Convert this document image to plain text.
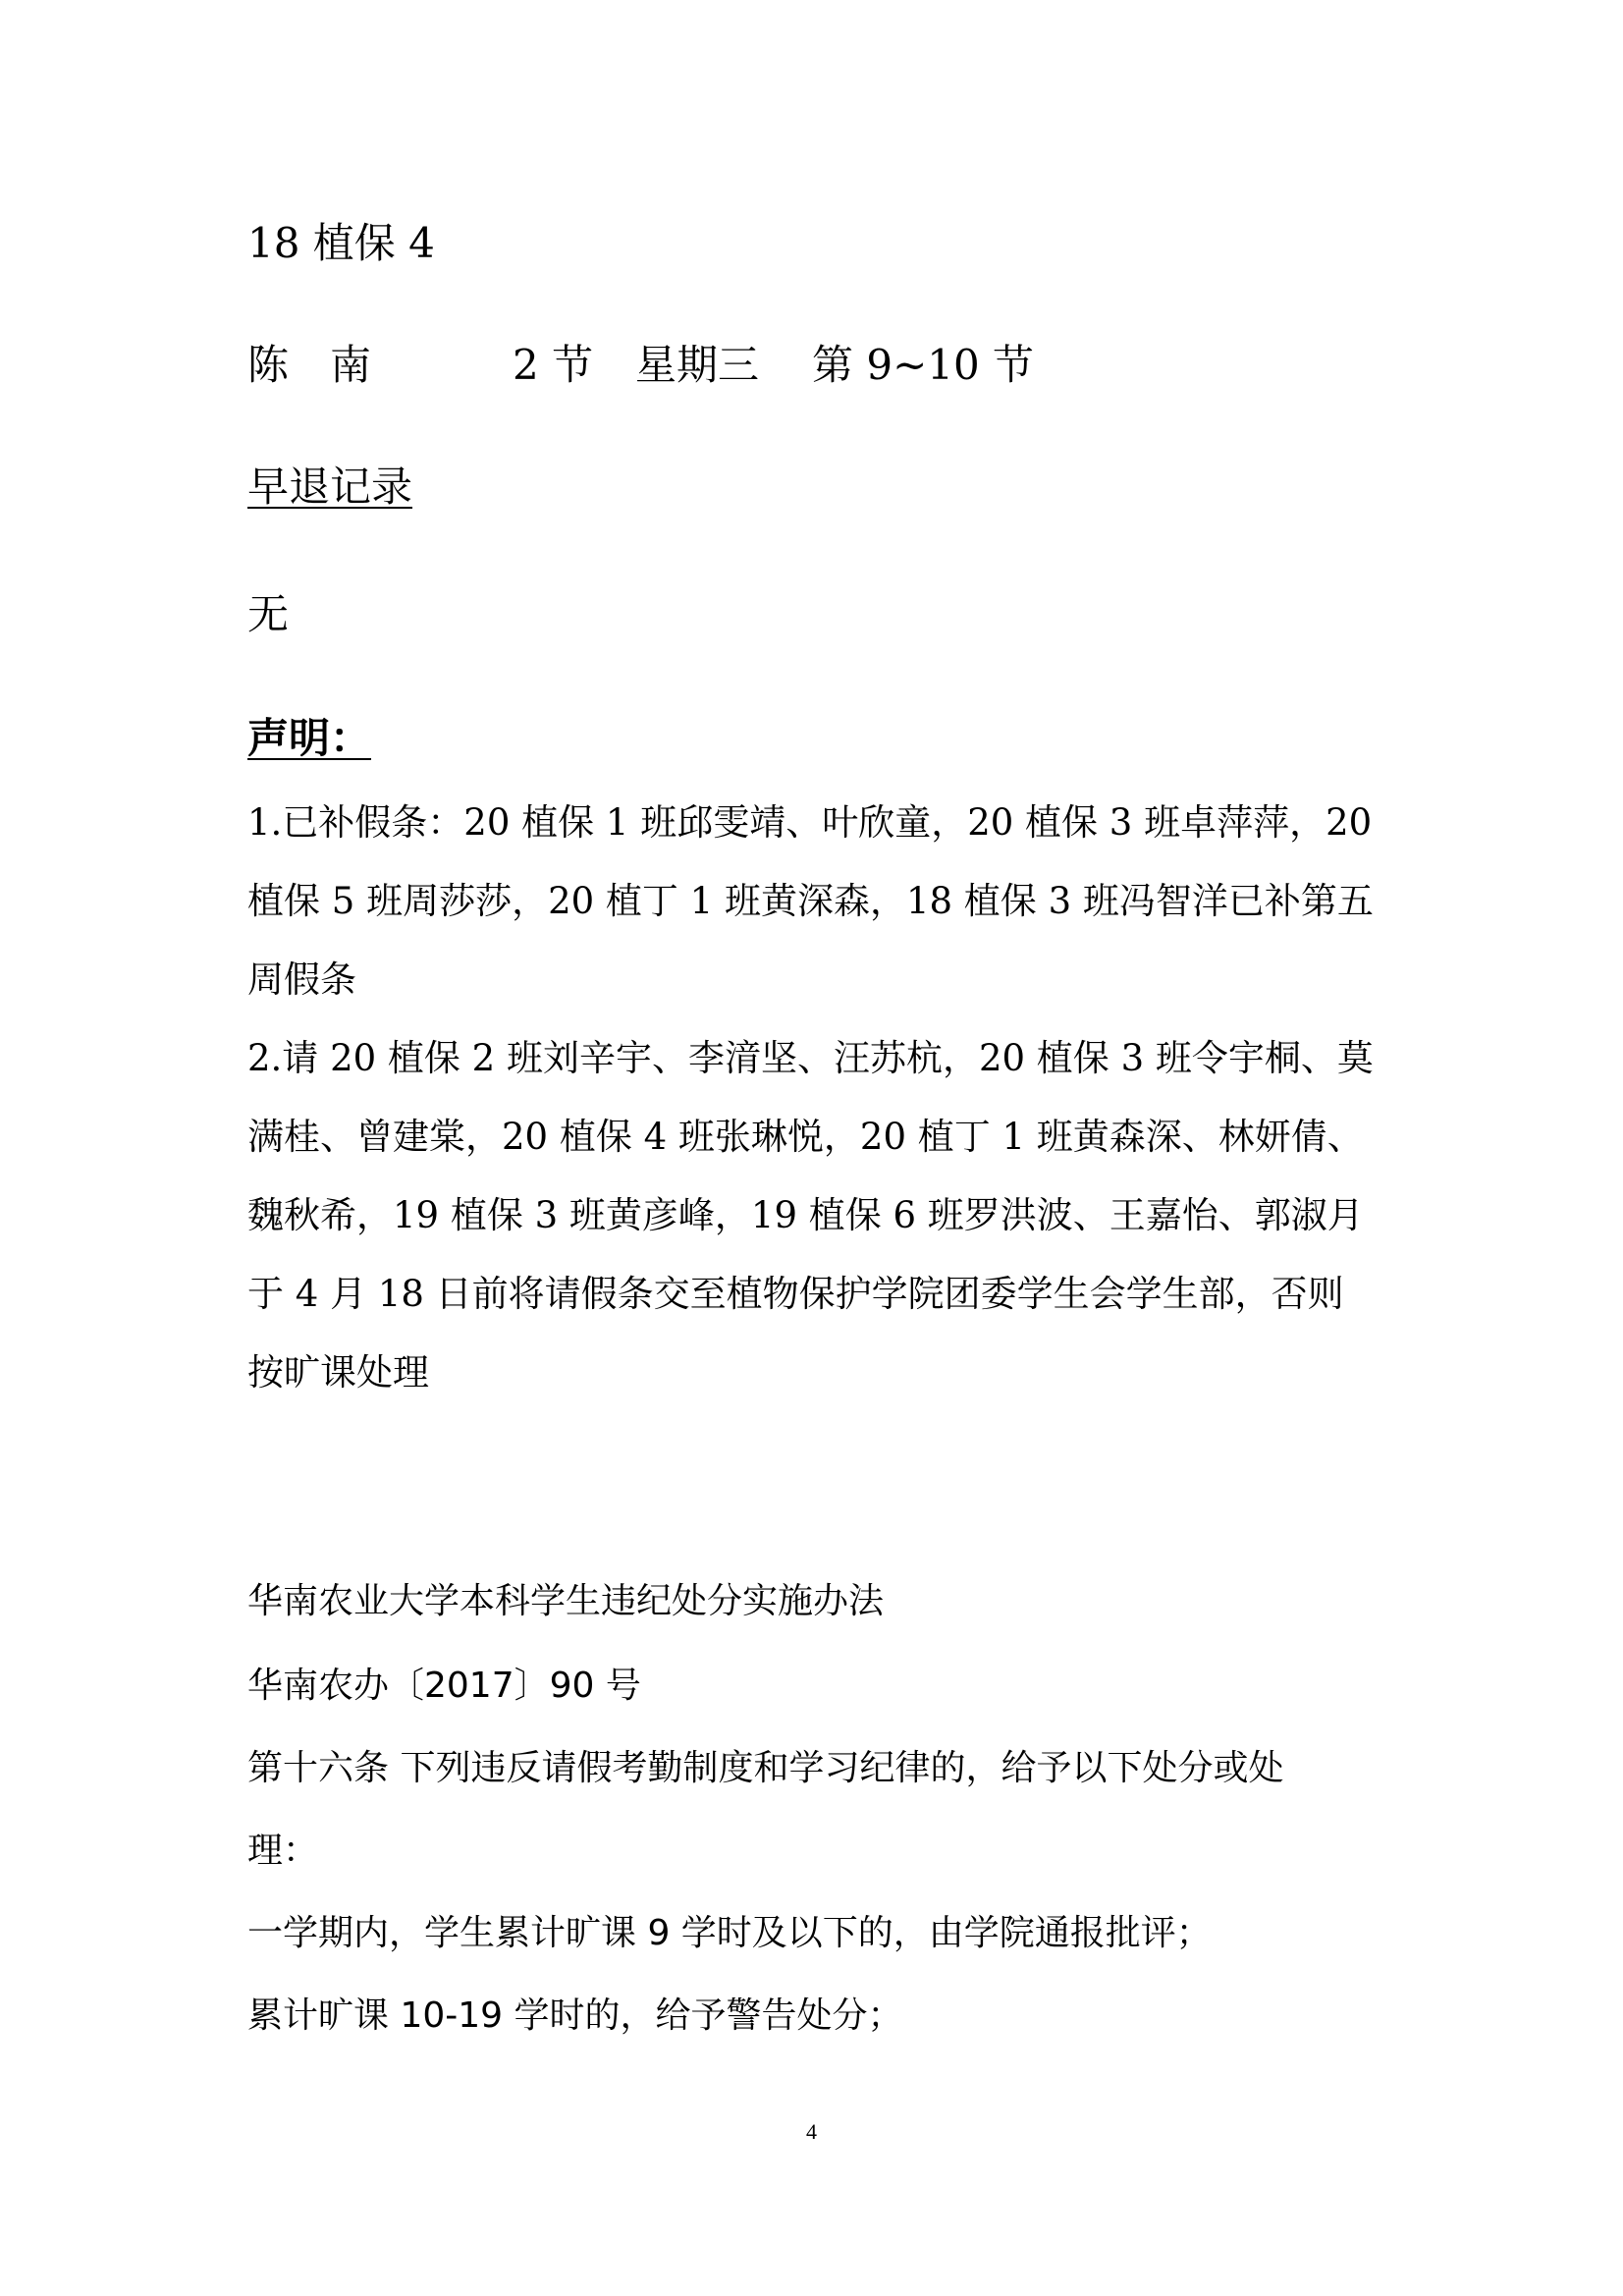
18 植保 4
陈　南	2 节 星期三 第 9~10 节
早退记录
无
声明：
1.已补假条：20 植保 1 班邱雯靖、叶欣童，20 植保 3 班卓萍萍，20
植保 5 班周莎莎，20 植丁 1 班黄深森，18 植保 3 班冯智洋已补第五
周假条
2.请 20 植保 2 班刘辛宇、李湇坚、汪苏杭，20 植保 3 班令宇桐、莫
满桂、曾建棠，20 植保 4 班张琳悦，20 植丁 1 班黄森深、林妍倩、
魏秋希，19 植保 3 班黄彦峰，19 植保 6 班罗洪波、王嘉怡、郭淑月
于 4 月 18 日前将请假条交至植物保护学院团委学生会学生部，否则
按旷课处理
华南农业大学本科学生违纪处分实施办法
华南农办〔2017〕90 号
第十六条 下列违反请假考勤制度和学习纪律的，给予以下处分或处
理：
一学期内，学生累计旷课 9 学时及以下的，由学院通报批评；
累计旷课 10-19 学时的，给予警告处分；
4
